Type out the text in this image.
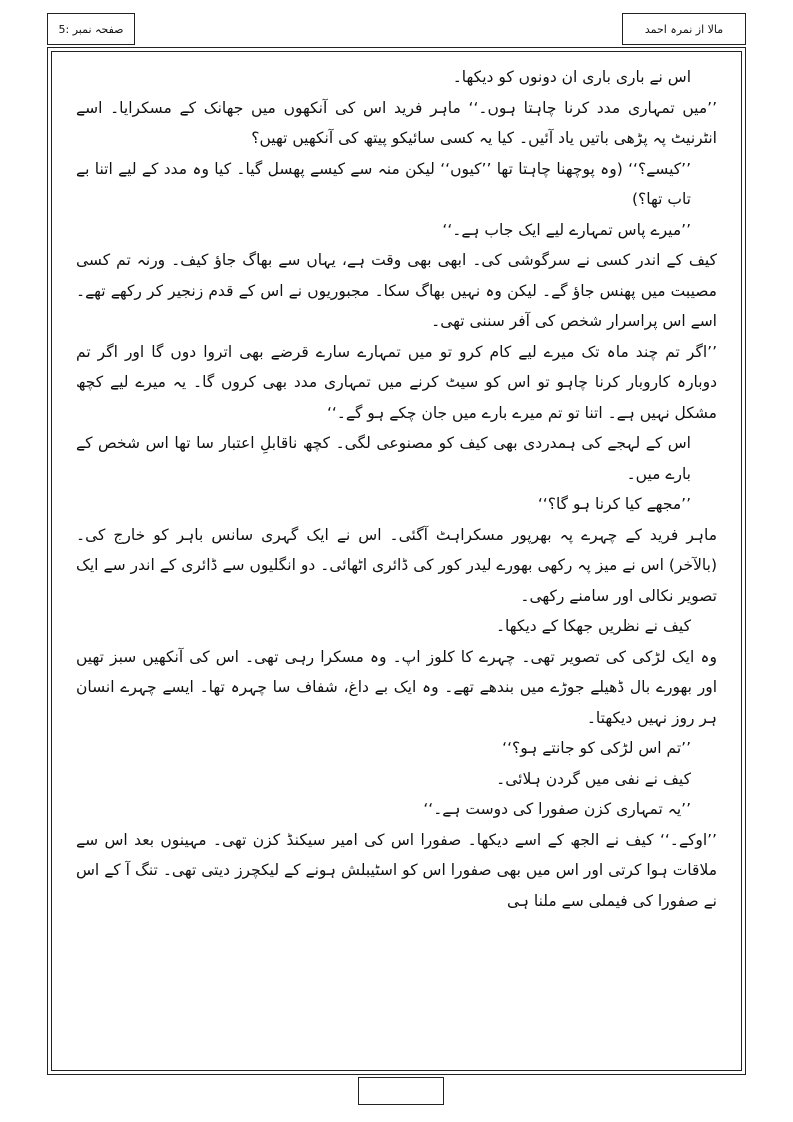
صفحہ نمبر :5	مالا از نمرہ احمد

اس نے باری باری ان دونوں کو دیکھا۔

’’میں تمہاری مدد کرنا چاہتا ہوں۔‘‘ ماہر فرید اس کی آنکھوں میں جھانک کے مسکرایا۔ اسے انٹرنیٹ پہ پڑھی باتیں یاد آئیں۔ کیا یہ کسی سائیکو پیتھ کی آنکھیں تھیں؟

’’کیسے؟‘‘ (وہ پوچھنا چاہتا تھا ’’کیوں‘‘ لیکن منہ سے کیسے پھسل گیا۔ کیا وہ مدد کے لیے اتنا بے تاب تھا؟)

’’میرے پاس تمہارے لیے ایک جاب ہے۔‘‘

کیف کے اندر کسی نے سرگوشی کی۔ ابھی بھی وقت ہے، یہاں سے بھاگ جاؤ کیف۔ ورنہ تم کسی مصیبت میں پھنس جاؤ گے۔ لیکن وہ نہیں بھاگ سکا۔ مجبوریوں نے اس کے قدم زنجیر کر رکھے تھے۔ اسے اس پراسرار شخص کی آفر سننی تھی۔

’’اگر تم چند ماہ تک میرے لیے کام کرو تو میں تمہارے سارے قرضے بھی اتروا دوں گا اور اگر تم دوبارہ کاروبار کرنا چاہو تو اس کو سیٹ کرنے میں تمہاری مدد بھی کروں گا۔ یہ میرے لیے کچھ مشکل نہیں ہے۔ اتنا تو تم میرے بارے میں جان چکے ہو گے۔‘‘

اس کے لہجے کی ہمدردی بھی کیف کو مصنوعی لگی۔ کچھ ناقابلِ اعتبار سا تھا اس شخص کے بارے میں۔

’’مجھے کیا کرنا ہو گا؟‘‘

ماہر فرید کے چہرے پہ بھرپور مسکراہٹ آگئی۔ اس نے ایک گہری سانس باہر کو خارج کی۔ (بالآخر) اس نے میز پہ رکھی بھورے لیدر کور کی ڈائری اٹھائی۔ دو انگلیوں سے ڈائری کے اندر سے ایک تصویر نکالی اور سامنے رکھی۔

کیف نے نظریں جھکا کے دیکھا۔

وہ ایک لڑکی کی تصویر تھی۔ چہرے کا کلوز اپ۔ وہ مسکرا رہی تھی۔ اس کی آنکھیں سبز تھیں اور بھورے بال ڈھیلے جوڑے میں بندھے تھے۔ وہ ایک بے داغ، شفاف سا چہرہ تھا۔ ایسے چہرے انسان ہر روز نہیں دیکھتا۔

’’تم اس لڑکی کو جانتے ہو؟‘‘

کیف نے نفی میں گردن ہلائی۔

’’یہ تمہاری کزن صفورا کی دوست ہے۔‘‘

’’اوکے۔‘‘ کیف نے الجھ کے اسے دیکھا۔ صفورا اس کی امیر سیکنڈ کزن تھی۔ مہینوں بعد اس سے ملاقات ہوا کرتی اور اس میں بھی صفورا اس کو اسٹیبلش ہونے کے لیکچرز دیتی تھی۔ تنگ آ کے اس نے صفورا کی فیملی سے ملنا ہی
